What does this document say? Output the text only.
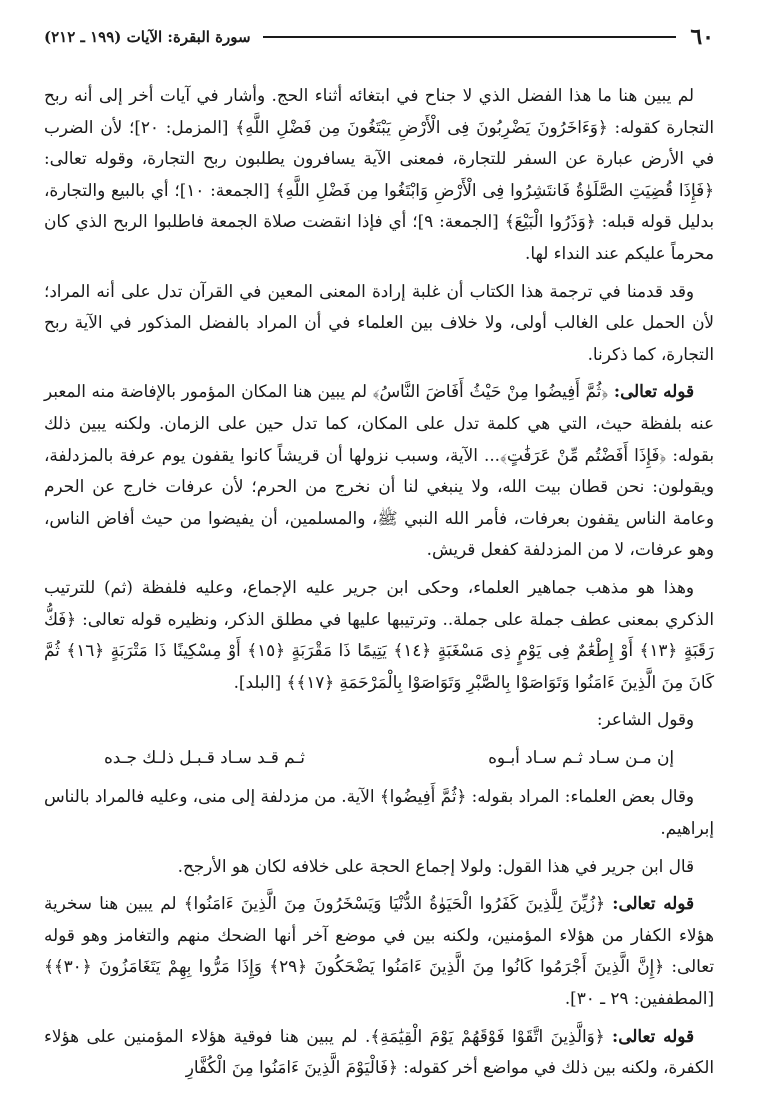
٦٠
سورة البقرة: الآيات (١٩٩ ـ ٢١٢)

لم يبين هنا ما هذا الفضل الذي لا جناح في ابتغائه أثناء الحج. وأشار في آيات أخر إلى أنه ربح التجارة كقوله: ﴿وَءَاخَرُونَ يَضْرِبُونَ فِى الْأَرْضِ يَبْتَغُونَ مِن فَضْلِ اللَّهِ﴾ [المزمل: ٢٠]؛ لأن الضرب في الأرض عبارة عن السفر للتجارة، فمعنى الآية يسافرون يطلبون ربح التجارة، وقوله تعالى: ﴿فَإِذَا قُضِيَتِ الصَّلَوٰةُ فَانتَشِرُوا فِى الْأَرْضِ وَابْتَغُوا مِن فَضْلِ اللَّهِ﴾ [الجمعة: ١٠]؛ أي بالبيع والتجارة، بدليل قوله قبله: ﴿وَذَرُوا الْبَيْعَ﴾ [الجمعة: ٩]؛ أي فإذا انقضت صلاة الجمعة فاطلبوا الربح الذي كان محرماً عليكم عند النداء لها.

وقد قدمنا في ترجمة هذا الكتاب أن غلبة إرادة المعنى المعين في القرآن تدل على أنه المراد؛ لأن الحمل على الغالب أولى، ولا خلاف بين العلماء في أن المراد بالفضل المذكور في الآية ربح التجارة، كما ذكرنا.

قوله تعالى: ﴿ثُمَّ أَفِيضُوا مِنْ حَيْثُ أَفَاضَ النَّاسُ﴾ لم يبين هنا المكان المؤمور بالإفاضة منه المعبر عنه بلفظة حيث، التي هي كلمة تدل على المكان، كما تدل حين على الزمان. ولكنه يبين ذلك بقوله: ﴿فَإِذَا أَفَضْتُم مِّنْ عَرَفَٰتٍ﴾... الآية، وسبب نزولها أن قريشاً كانوا يقفون يوم عرفة بالمزدلفة، ويقولون: نحن قطان بيت الله، ولا ينبغي لنا أن نخرج من الحرم؛ لأن عرفات خارج عن الحرم وعامة الناس يقفون بعرفات، فأمر الله النبي ﷺ، والمسلمين، أن يفيضوا من حيث أفاض الناس، وهو عرفات، لا من المزدلفة كفعل قريش.

وهذا هو مذهب جماهير العلماء، وحكى ابن جرير عليه الإجماع، وعليه فلفظة (ثم) للترتيب الذكري بمعنى عطف جملة على جملة.. وترتيبها عليها في مطلق الذكر، ونظيره قوله تعالى: ﴿فَكُّ رَقَبَةٍ ﴿١٣﴾ أَوْ إِطْعَٰمٌ فِى يَوْمٍ ذِى مَسْغَبَةٍ ﴿١٤﴾ يَتِيمًا ذَا مَقْرَبَةٍ ﴿١٥﴾ أَوْ مِسْكِينًا ذَا مَتْرَبَةٍ ﴿١٦﴾ ثُمَّ كَانَ مِنَ الَّذِينَ ءَامَنُوا وَتَوَاصَوْا بِالصَّبْرِ وَتَوَاصَوْا بِالْمَرْحَمَةِ ﴿١٧﴾﴾ [البلد].

وقول الشاعر:

إن مـن سـاد ثـم سـاد أبـوه
ثـم قـد سـاد قـبـل ذلـك جـده

وقال بعض العلماء: المراد بقوله: ﴿ثُمَّ أَفِيضُوا﴾ الآية. من مزدلفة إلى منى، وعليه فالمراد بالناس إبراهيم.

قال ابن جرير في هذا القول: ولولا إجماع الحجة على خلافه لكان هو الأرجح.

قوله تعالى: ﴿زُيِّنَ لِلَّذِينَ كَفَرُوا الْحَيَوٰةُ الدُّنْيَا وَيَسْخَرُونَ مِنَ الَّذِينَ ءَامَنُوا﴾ لم يبين هنا سخرية هؤلاء الكفار من هؤلاء المؤمنين، ولكنه بين في موضع آخر أنها الضحك منهم والتغامز وهو قوله تعالى: ﴿إِنَّ الَّذِينَ أَجْرَمُوا كَانُوا مِنَ الَّذِينَ ءَامَنُوا يَضْحَكُونَ ﴿٢٩﴾ وَإِذَا مَرُّوا بِهِمْ يَتَغَامَزُونَ ﴿٣٠﴾﴾ [المطففين: ٢٩ ـ ٣٠].

قوله تعالى: ﴿وَالَّذِينَ اتَّقَوْا فَوْقَهُمْ يَوْمَ الْقِيَٰمَةِ﴾. لم يبين هنا فوقية هؤلاء المؤمنين على هؤلاء الكفرة، ولكنه بين ذلك في مواضع أخر كقوله: ﴿فَالْيَوْمَ الَّذِينَ ءَامَنُوا مِنَ الْكُفَّارِ
